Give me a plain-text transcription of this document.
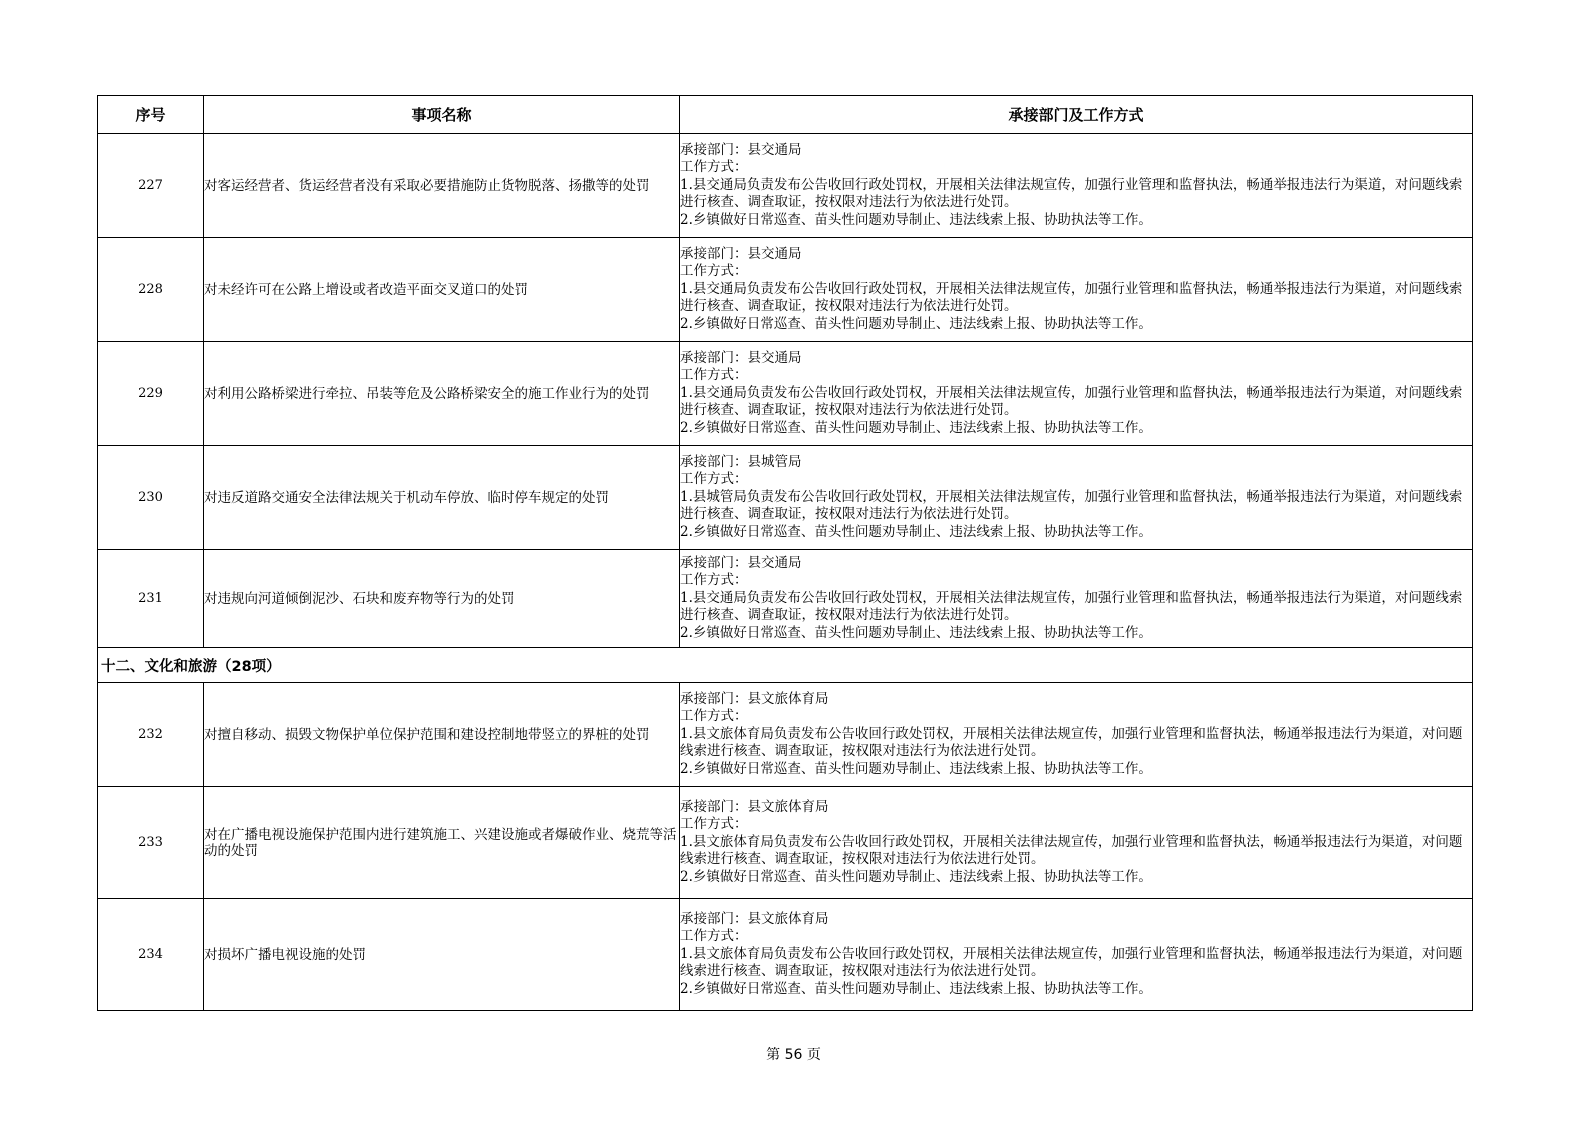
序号	事项名称	承接部门及工作方式
227	对客运经营者、货运经营者没有采取必要措施防止货物脱落、扬撒等的处罚	承接部门：县交通局
工作方式：
1.县交通局负责发布公告收回行政处罚权，开展相关法律法规宣传，加强行业管理和监督执法，畅通举报违法行为渠道，对问题线索进行核查、调查取证，按权限对违法行为依法进行处罚。
2.乡镇做好日常巡查、苗头性问题劝导制止、违法线索上报、协助执法等工作。

228	对未经许可在公路上增设或者改造平面交叉道口的处罚	承接部门：县交通局
工作方式：
1.县交通局负责发布公告收回行政处罚权，开展相关法律法规宣传，加强行业管理和监督执法，畅通举报违法行为渠道，对问题线索进行核查、调查取证，按权限对违法行为依法进行处罚。
2.乡镇做好日常巡查、苗头性问题劝导制止、违法线索上报、协助执法等工作。

229	对利用公路桥梁进行牵拉、吊装等危及公路桥梁安全的施工作业行为的处罚	承接部门：县交通局
工作方式：
1.县交通局负责发布公告收回行政处罚权，开展相关法律法规宣传，加强行业管理和监督执法，畅通举报违法行为渠道，对问题线索进行核查、调查取证，按权限对违法行为依法进行处罚。
2.乡镇做好日常巡查、苗头性问题劝导制止、违法线索上报、协助执法等工作。

230	对违反道路交通安全法律法规关于机动车停放、临时停车规定的处罚	承接部门：县城管局
工作方式：
1.县城管局负责发布公告收回行政处罚权，开展相关法律法规宣传，加强行业管理和监督执法，畅通举报违法行为渠道，对问题线索进行核查、调查取证，按权限对违法行为依法进行处罚。
2.乡镇做好日常巡查、苗头性问题劝导制止、违法线索上报、协助执法等工作。

231	对违规向河道倾倒泥沙、石块和废弃物等行为的处罚	承接部门：县交通局
工作方式：
1.县交通局负责发布公告收回行政处罚权，开展相关法律法规宣传，加强行业管理和监督执法，畅通举报违法行为渠道，对问题线索进行核查、调查取证，按权限对违法行为依法进行处罚。
2.乡镇做好日常巡查、苗头性问题劝导制止、违法线索上报、协助执法等工作。

十二、文化和旅游（28项）		
232	对擅自移动、损毁文物保护单位保护范围和建设控制地带竖立的界桩的处罚	承接部门：县文旅体育局
工作方式：
1.县文旅体育局负责发布公告收回行政处罚权，开展相关法律法规宣传，加强行业管理和监督执法，畅通举报违法行为渠道，对问题线索进行核查、调查取证，按权限对违法行为依法进行处罚。
2.乡镇做好日常巡查、苗头性问题劝导制止、违法线索上报、协助执法等工作。

233	对在广播电视设施保护范围内进行建筑施工、兴建设施或者爆破作业、烧荒等活动的处罚	承接部门：县文旅体育局
工作方式：
1.县文旅体育局负责发布公告收回行政处罚权，开展相关法律法规宣传，加强行业管理和监督执法，畅通举报违法行为渠道，对问题线索进行核查、调查取证，按权限对违法行为依法进行处罚。
2.乡镇做好日常巡查、苗头性问题劝导制止、违法线索上报、协助执法等工作。

234	对损坏广播电视设施的处罚	承接部门：县文旅体育局
工作方式：
1.县文旅体育局负责发布公告收回行政处罚权，开展相关法律法规宣传，加强行业管理和监督执法，畅通举报违法行为渠道，对问题线索进行核查、调查取证，按权限对违法行为依法进行处罚。
2.乡镇做好日常巡查、苗头性问题劝导制止、违法线索上报、协助执法等工作。
第 56 页
